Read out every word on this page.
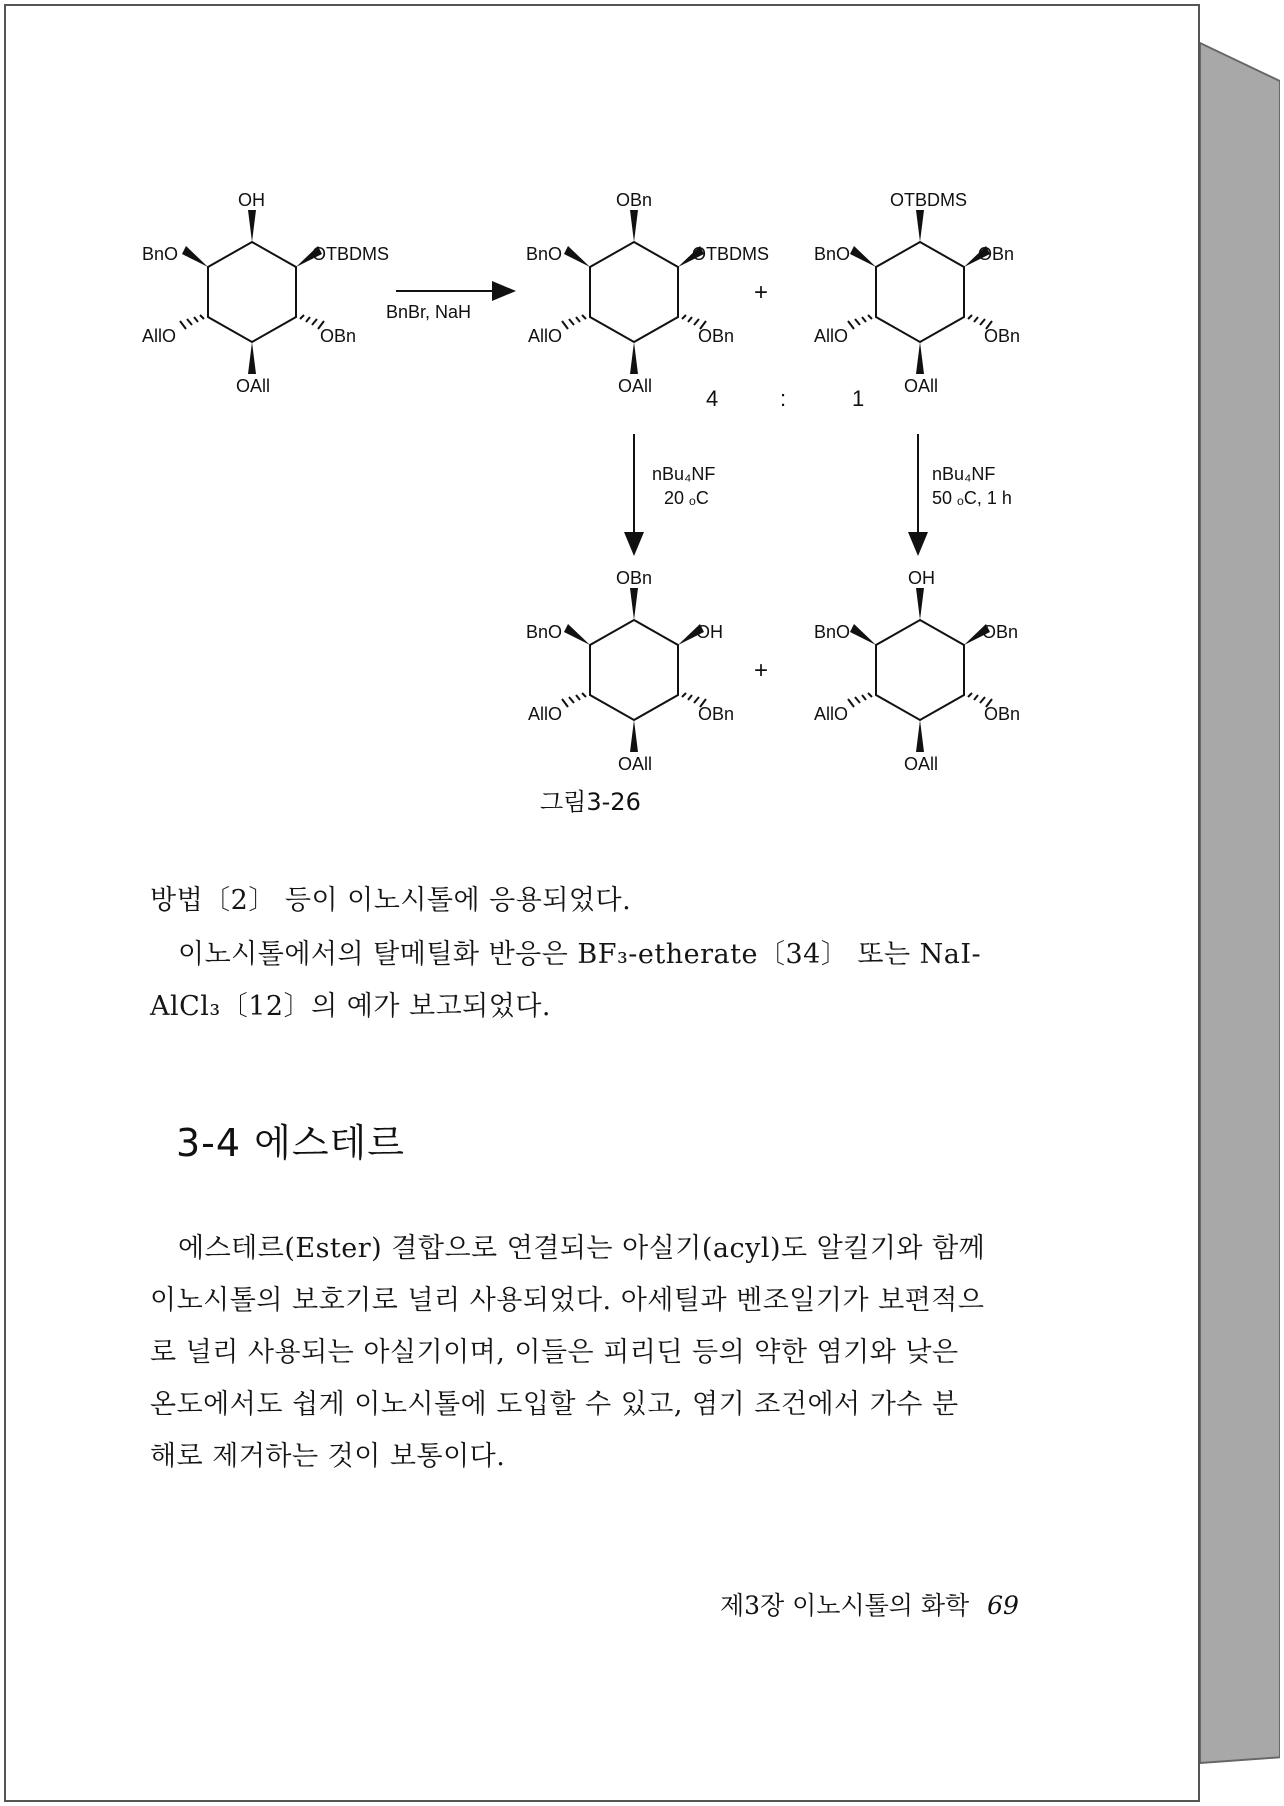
OH
BnO	OTBDMS
AllO	OBn
OAll
BnBr, NaH
OBn
BnO	OTBDMS
AllO	OBn
OAll
+
OTBDMS
BnO	OBn
AllO	OBn
OAll
4	:	1
nBu₄NF
20 ₒC
nBu₄NF
50 ₒC, 1 h
OBn
BnO	OH
AllO	OBn
OAll
+
OH
BnO	OBn
AllO	OBn
OAll
그림3-26
방법〔2〕 등이 이노시톨에 응용되었다.
이노시톨에서의 탈메틸화 반응은 BF₃-etherate〔34〕 또는 NaI-
AlCl₃〔12〕의 예가 보고되었다.
3-4 에스테르
에스테르(Ester) 결합으로 연결되는 아실기(acyl)도 알킬기와 함께
이노시톨의 보호기로 널리 사용되었다. 아세틸과 벤조일기가 보편적으
로 널리 사용되는 아실기이며, 이들은 피리딘 등의 약한 염기와 낮은
온도에서도 쉽게 이노시톨에 도입할 수 있고, 염기 조건에서 가수 분
해로 제거하는 것이 보통이다.
제3장 이노시톨의 화학 69
